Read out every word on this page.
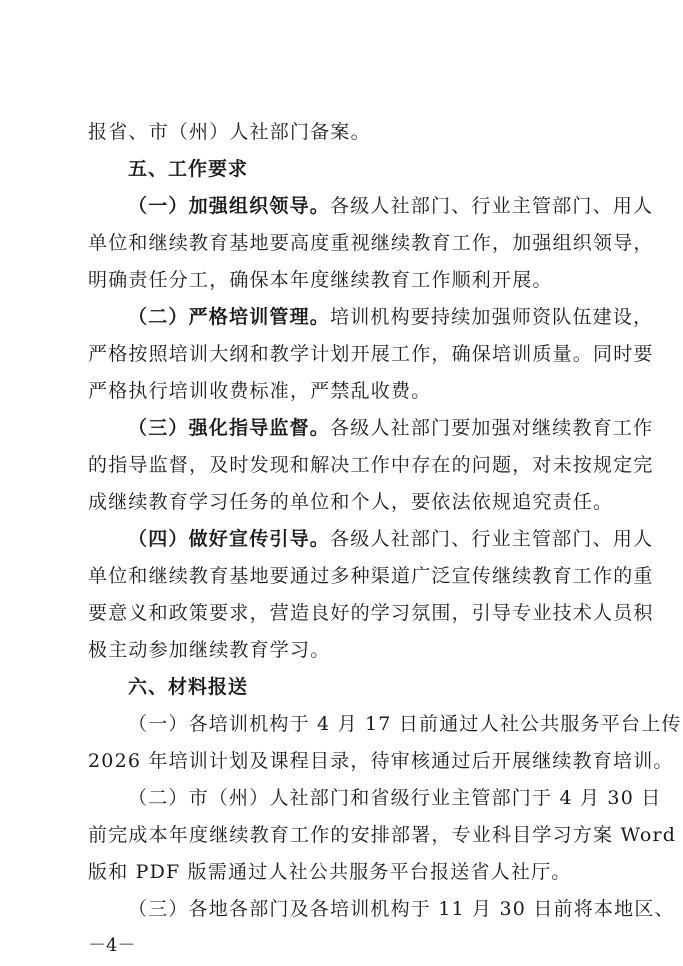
报省、市（州）人社部门备案。
五、工作要求
（一）加强组织领导。各级人社部门、行业主管部门、用人
单位和继续教育基地要高度重视继续教育工作，加强组织领导，
明确责任分工，确保本年度继续教育工作顺利开展。
（二）严格培训管理。培训机构要持续加强师资队伍建设，
严格按照培训大纲和教学计划开展工作，确保培训质量。同时要
严格执行培训收费标准，严禁乱收费。
（三）强化指导监督。各级人社部门要加强对继续教育工作
的指导监督，及时发现和解决工作中存在的问题，对未按规定完
成继续教育学习任务的单位和个人，要依法依规追究责任。
（四）做好宣传引导。各级人社部门、行业主管部门、用人
单位和继续教育基地要通过多种渠道广泛宣传继续教育工作的重
要意义和政策要求，营造良好的学习氛围，引导专业技术人员积
极主动参加继续教育学习。
六、材料报送
（一）各培训机构于 4 月 17 日前通过人社公共服务平台上传
2026 年培训计划及课程目录，待审核通过后开展继续教育培训。
（二）市（州）人社部门和省级行业主管部门于 4 月 30 日
前完成本年度继续教育工作的安排部署，专业科目学习方案 Word
版和 PDF 版需通过人社公共服务平台报送省人社厅。
（三）各地各部门及各培训机构于 11 月 30 日前将本地区、
－4－
